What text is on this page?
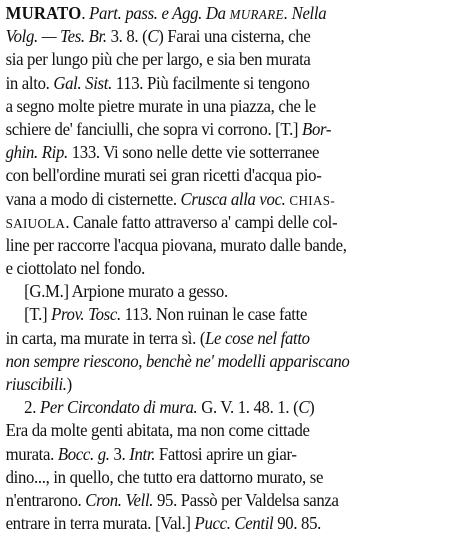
MURATO. Part. pass. e Agg. Da MURARE. Nella
Volg. — Tes. Br. 3. 8. (C) Farai una cisterna, che
sia per lungo più che per largo, e sia ben murata
in alto. Gal. Sist. 113. Più facilmente si tengono
a segno molte pietre murate in una piazza, che le
schiere de' fanciulli, che sopra vi corrono. [T.] Bor-
ghin. Rip. 133. Vi sono nelle dette vie sotterranee
con bell'ordine murati sei gran ricetti d'acqua pio-
vana a modo di cisternette. Crusca alla voc. CHIAS-
SAIUOLA. Canale fatto attraverso a' campi delle col-
line per raccorre l'acqua piovana, murato dalle bande,
e ciottolato nel fondo.
[G.M.] Arpione murato a gesso.
[T.] Prov. Tosc. 113. Non ruinan le case fatte
in carta, ma murate in terra sì. (Le cose nel fatto
non sempre riescono, benchè ne' modelli appariscano
riuscibili.)
2. Per Circondato di mura. G. V. 1. 48. 1. (C)
Era da molte genti abitata, ma non come cittade
murata. Bocc. g. 3. Intr. Fattosi aprire un giar-
dino..., in quello, che tutto era dattorno murato, se
n'entrarono. Cron. Vell. 95. Passò per Valdelsa sanza
entrare in terra murata. [Val.] Pucc. Centil 90. 85.
